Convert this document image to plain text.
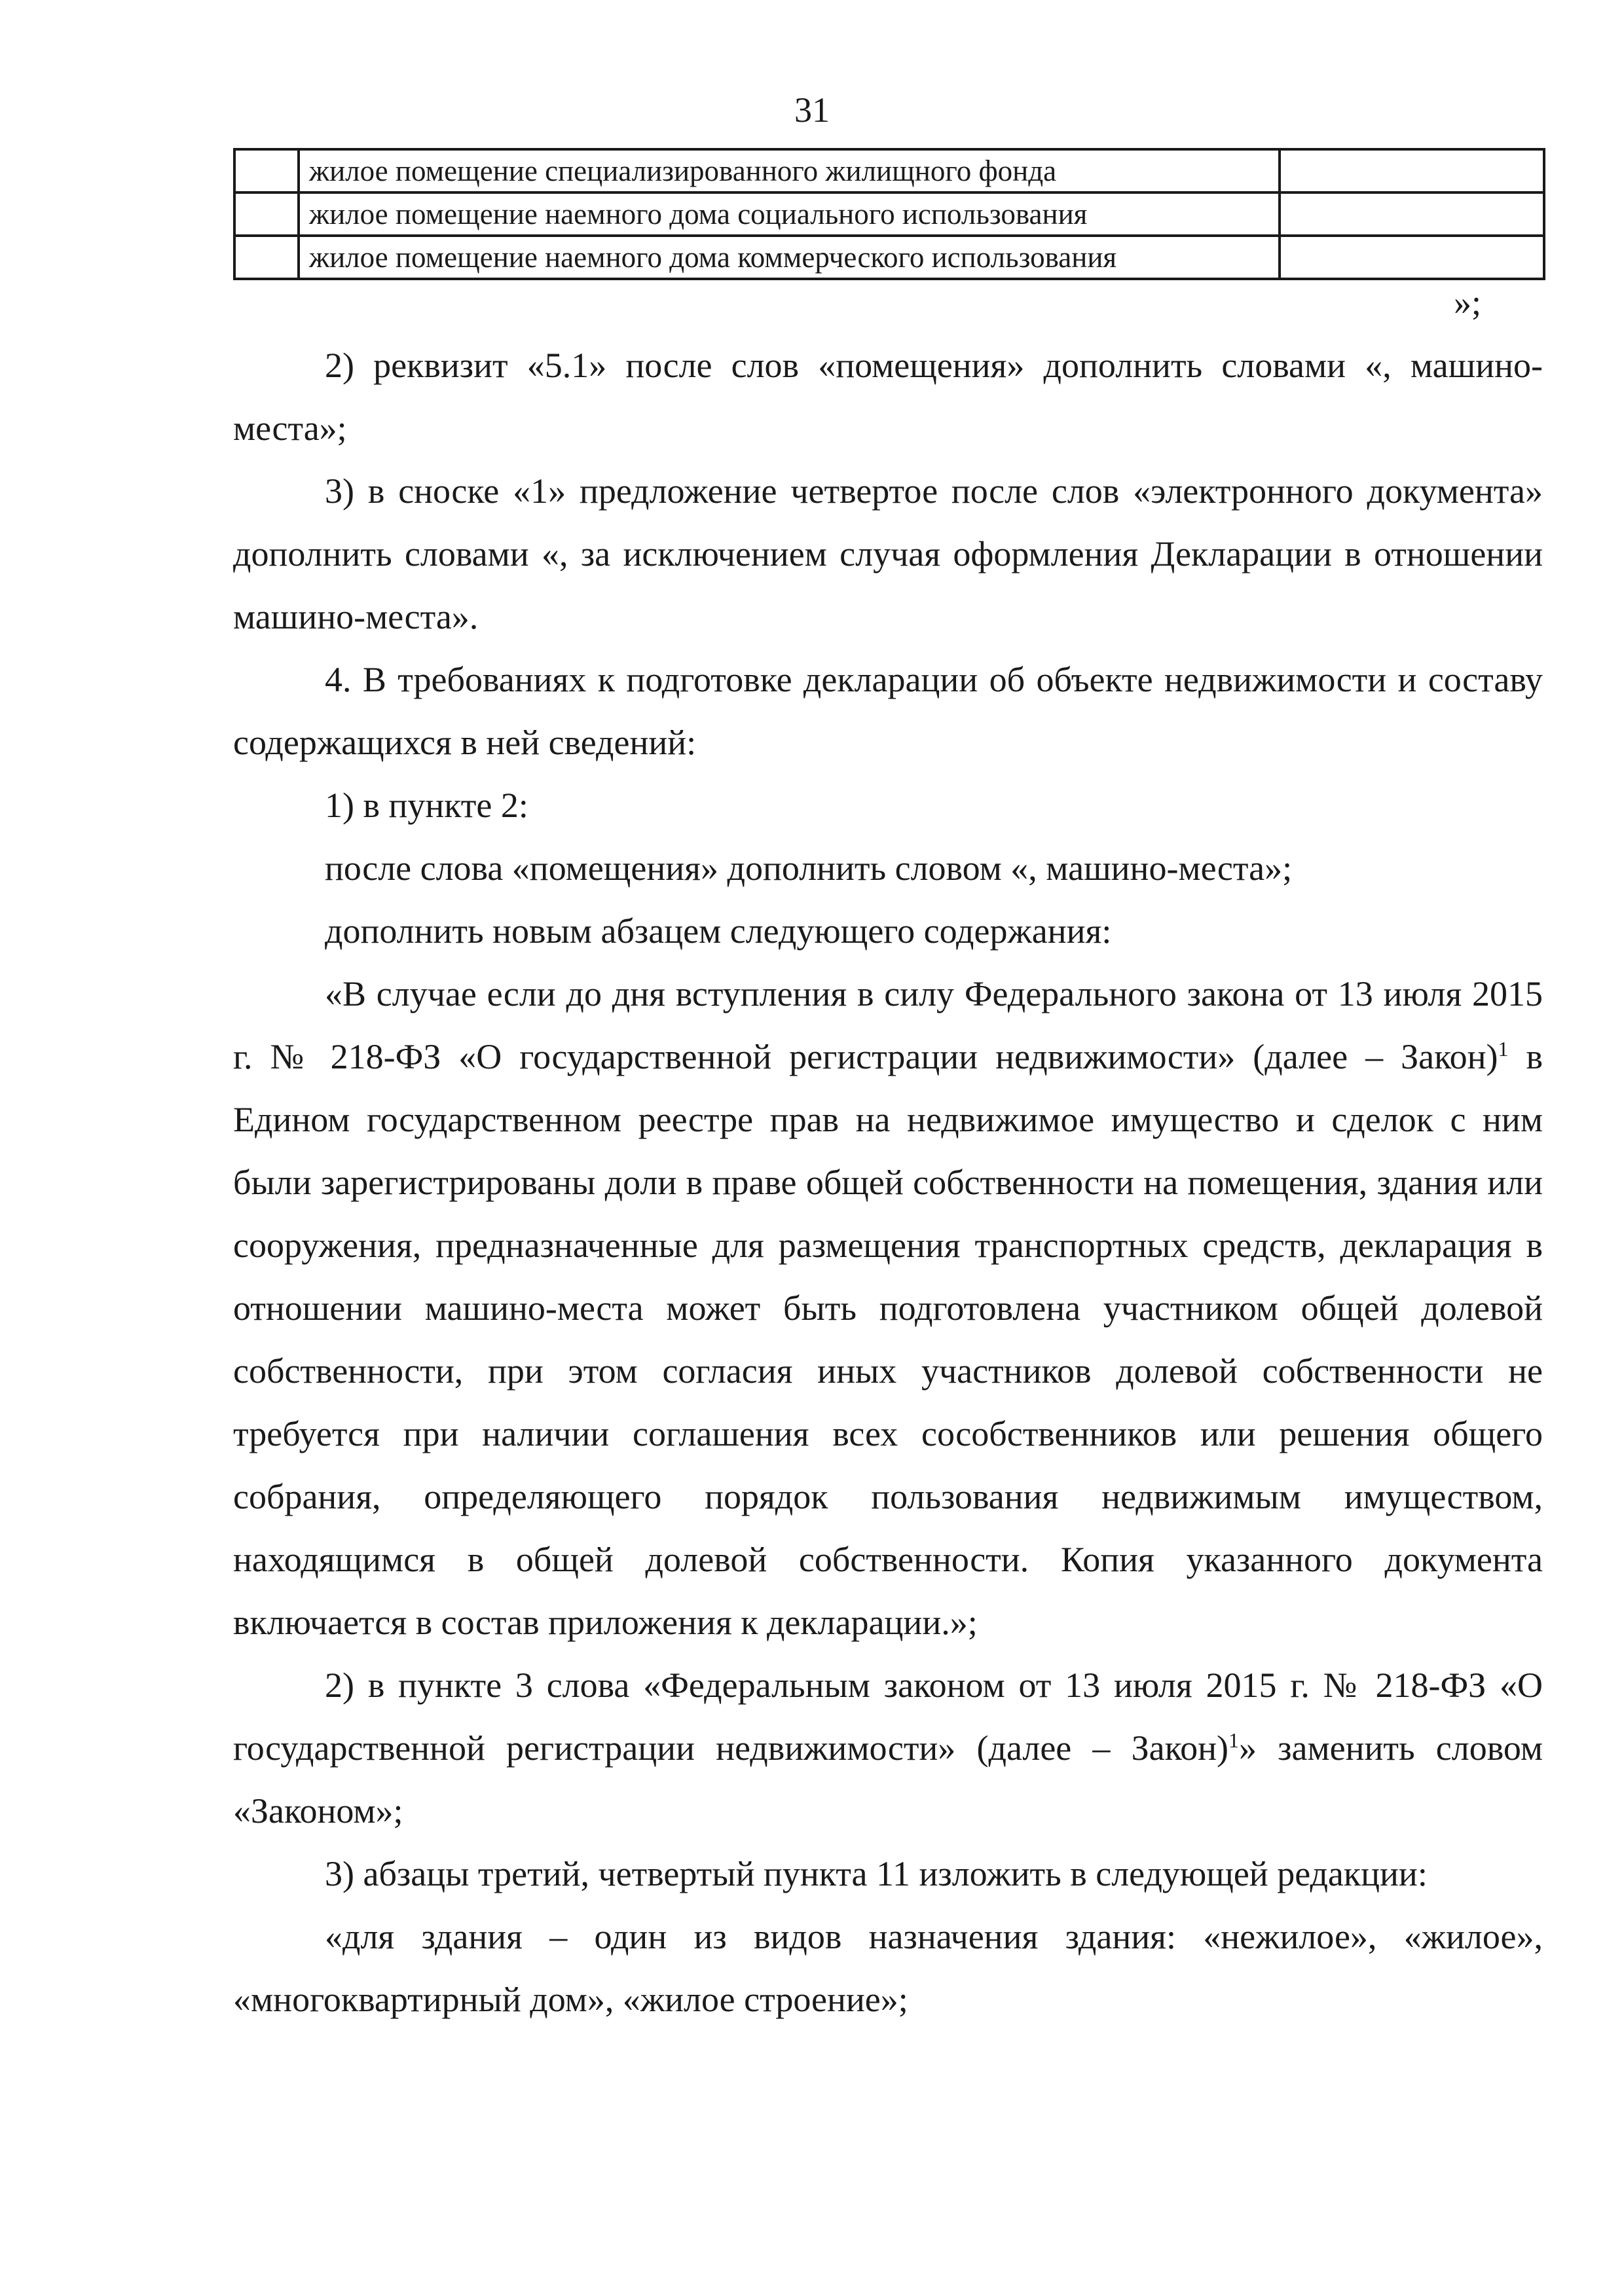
31
	жилое помещение специализированного жилищного фонда	
	жилое помещение наемного дома социального использования	
	жилое помещение наемного дома коммерческого использования	
»;

2) реквизит «5.1» после слов «помещения» дополнить словами «, машино-места»;

3) в сноске «1» предложение четвертое после слов «электронного документа» дополнить словами «, за исключением случая оформления Декларации в отношении машино-места».

4. В требованиях к подготовке декларации об объекте недвижимости и составу содержащихся в ней сведений:

1) в пункте 2:

после слова «помещения» дополнить словом «, машино-места»;

дополнить новым абзацем следующего содержания:

«В случае если до дня вступления в силу Федерального закона от 13 июля 2015 г. № 218-ФЗ «О государственной регистрации недвижимости» (далее – Закон)$^1$ в Едином государственном реестре прав на недвижимое имущество и сделок с ним были зарегистрированы доли в праве общей собственности на помещения, здания или сооружения, предназначенные для размещения транспортных средств, декларация в отношении машино-места может быть подготовлена участником общей долевой собственности, при этом согласия иных участников долевой собственности не требуется при наличии соглашения всех сособственников или решения общего собрания, определяющего порядок пользования недвижимым имуществом, находящимся в общей долевой собственности. Копия указанного документа включается в состав приложения к декларации.»;

2) в пункте 3 слова «Федеральным законом от 13 июля 2015 г. № 218-ФЗ «О государственной регистрации недвижимости» (далее – Закон)$^1$» заменить словом «Законом»;

3) абзацы третий, четвертый пункта 11 изложить в следующей редакции:

«для здания – один из видов назначения здания: «нежилое», «жилое», «многоквартирный дом», «жилое строение»;
